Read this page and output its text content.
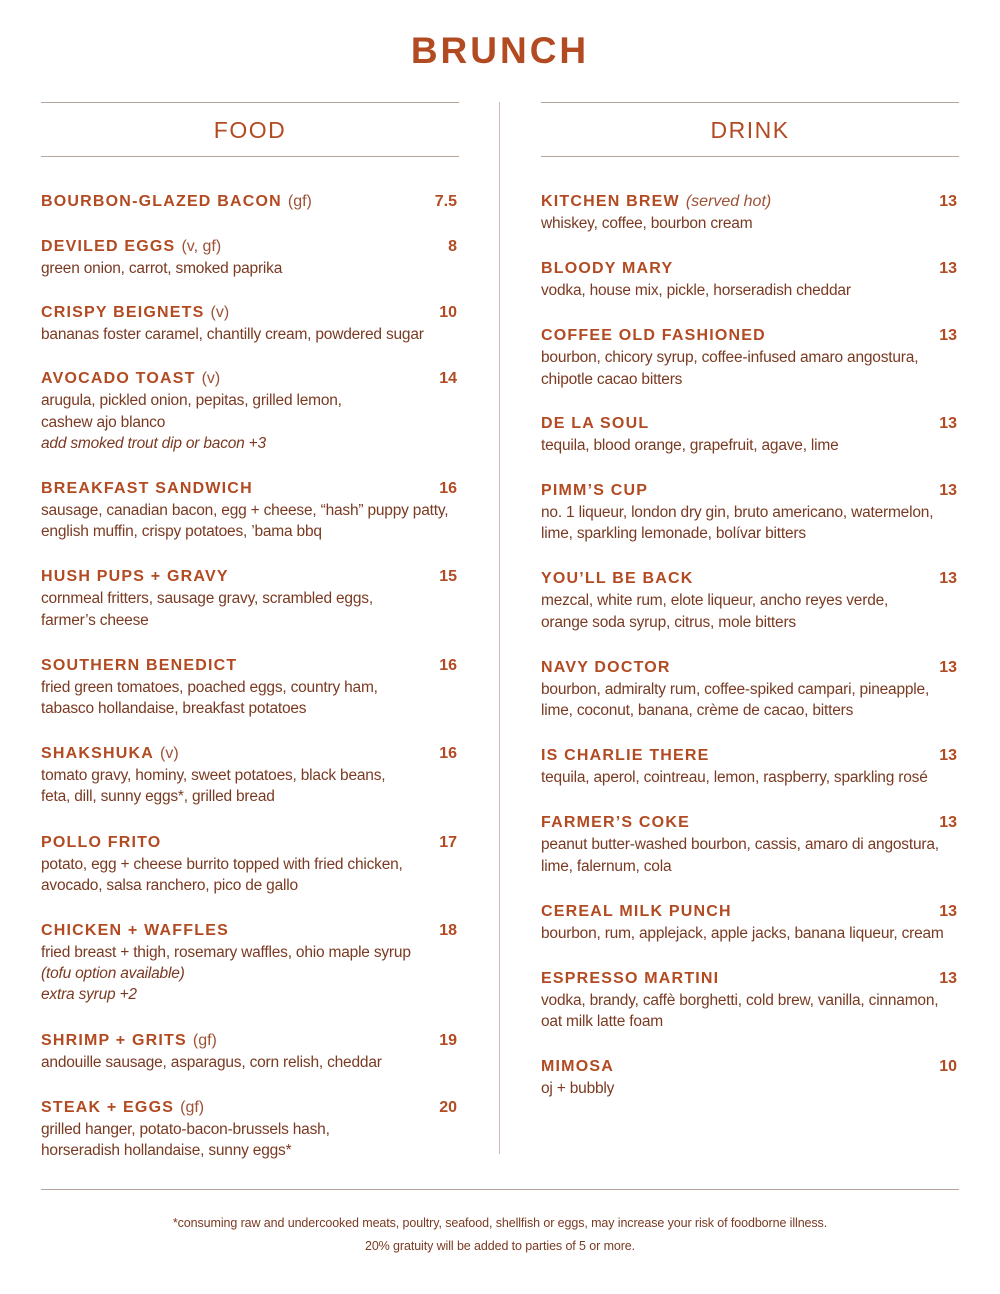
BRUNCH
FOOD
BOURBON-GLAZED BACON (gf)	7.5
DEVILED EGGS (v, gf)	8
green onion, carrot, smoked paprika
CRISPY BEIGNETS (v)	10
bananas foster caramel, chantilly cream, powdered sugar
AVOCADO TOAST (v)	14
arugula, pickled onion, pepitas, grilled lemon,
cashew ajo blanco
add smoked trout dip or bacon +3
BREAKFAST SANDWICH	16
sausage, canadian bacon, egg + cheese, “hash” puppy patty,
english muffin, crispy potatoes, ’bama bbq
HUSH PUPS + GRAVY	15
cornmeal fritters, sausage gravy, scrambled eggs,
farmer’s cheese
SOUTHERN BENEDICT	16
fried green tomatoes, poached eggs, country ham,
tabasco hollandaise, breakfast potatoes
SHAKSHUKA (v)	16
tomato gravy, hominy, sweet potatoes, black beans,
feta, dill, sunny eggs*, grilled bread
POLLO FRITO	17
potato, egg + cheese burrito topped with fried chicken,
avocado, salsa ranchero, pico de gallo
CHICKEN + WAFFLES	18
fried breast + thigh, rosemary waffles, ohio maple syrup
(tofu option available)
extra syrup +2
SHRIMP + GRITS (gf)	19
andouille sausage, asparagus, corn relish, cheddar
STEAK + EGGS (gf)	20
grilled hanger, potato-bacon-brussels hash,
horseradish hollandaise, sunny eggs*
DRINK
KITCHEN BREW (served hot)	13
whiskey, coffee, bourbon cream
BLOODY MARY	13
vodka, house mix, pickle, horseradish cheddar
COFFEE OLD FASHIONED	13
bourbon, chicory syrup, coffee-infused amaro angostura,
chipotle cacao bitters
DE LA SOUL	13
tequila, blood orange, grapefruit, agave, lime
PIMM’S CUP	13
no. 1 liqueur, london dry gin, bruto americano, watermelon,
lime, sparkling lemonade, bolívar bitters
YOU’LL BE BACK	13
mezcal, white rum, elote liqueur, ancho reyes verde,
orange soda syrup, citrus, mole bitters
NAVY DOCTOR	13
bourbon, admiralty rum, coffee-spiked campari, pineapple,
lime, coconut, banana, crème de cacao, bitters
IS CHARLIE THERE	13
tequila, aperol, cointreau, lemon, raspberry, sparkling rosé
FARMER’S COKE	13
peanut butter-washed bourbon, cassis, amaro di angostura,
lime, falernum, cola
CEREAL MILK PUNCH	13
bourbon, rum, applejack, apple jacks, banana liqueur, cream
ESPRESSO MARTINI	13
vodka, brandy, caffè borghetti, cold brew, vanilla, cinnamon,
oat milk latte foam
MIMOSA	10
oj + bubbly
*consuming raw and undercooked meats, poultry, seafood, shellfish or eggs, may increase your risk of foodborne illness.
20% gratuity will be added to parties of 5 or more.
